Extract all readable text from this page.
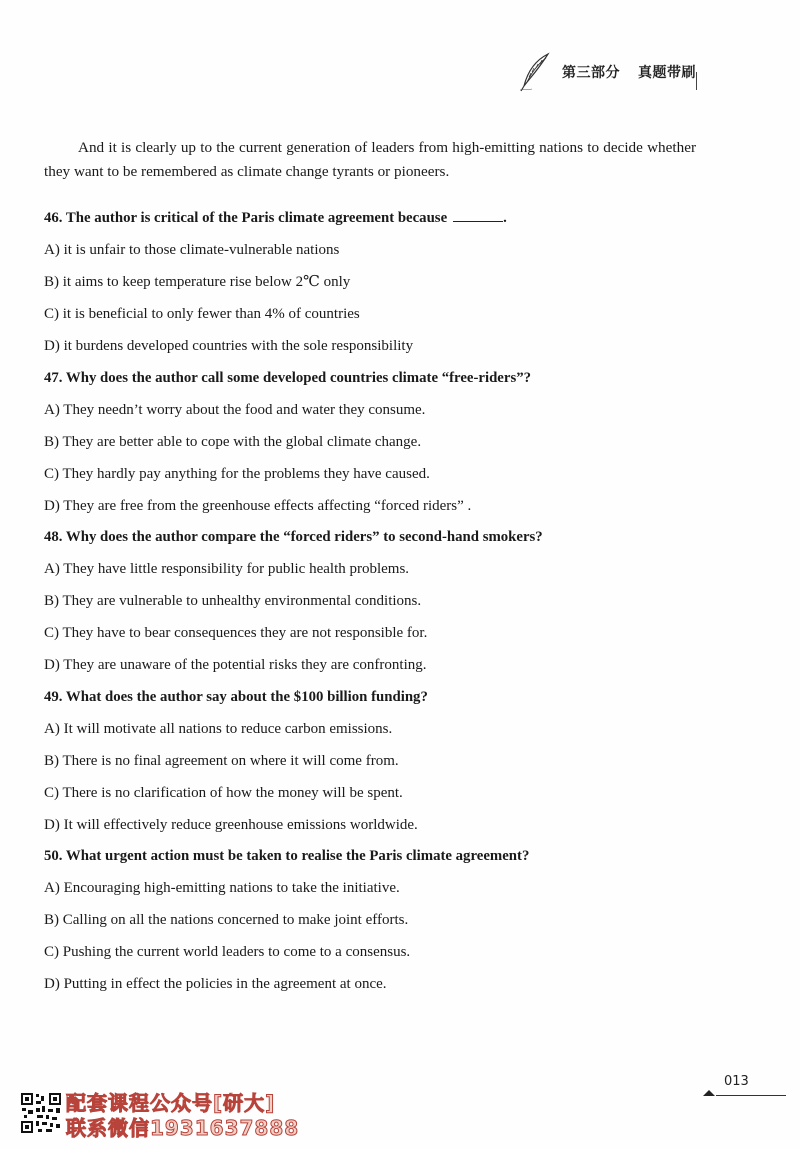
第三部分 真题带刷
And it is clearly up to the current generation of leaders from high-emitting nations to decide whether they want to be remembered as climate change tyrants or pioneers.
46. The author is critical of the Paris climate agreement because	.
A) it is unfair to those climate-vulnerable nations
B) it aims to keep temperature rise below 2℃ only
C) it is beneficial to only fewer than 4% of countries
D) it burdens developed countries with the sole responsibility
47. Why does the author call some developed countries climate “free-riders”?
A) They needn’t worry about the food and water they consume.
B) They are better able to cope with the global climate change.
C) They hardly pay anything for the problems they have caused.
D) They are free from the greenhouse effects affecting “forced riders” .
48. Why does the author compare the “forced riders” to second-hand smokers?
A) They have little responsibility for public health problems.
B) They are vulnerable to unhealthy environmental conditions.
C) They have to bear consequences they are not responsible for.
D) They are unaware of the potential risks they are confronting.
49. What does the author say about the $100 billion funding?
A) It will motivate all nations to reduce carbon emissions.
B) There is no final agreement on where it will come from.
C) There is no clarification of how the money will be spent.
D) It will effectively reduce greenhouse emissions worldwide.
50. What urgent action must be taken to realise the Paris climate agreement?
A) Encouraging high-emitting nations to take the initiative.
B) Calling on all the nations concerned to make joint efforts.
C) Pushing the current world leaders to come to a consensus.
D) Putting in effect the policies in the agreement at once.
013
配套课程公众号[研大]
联系微信1931637888
